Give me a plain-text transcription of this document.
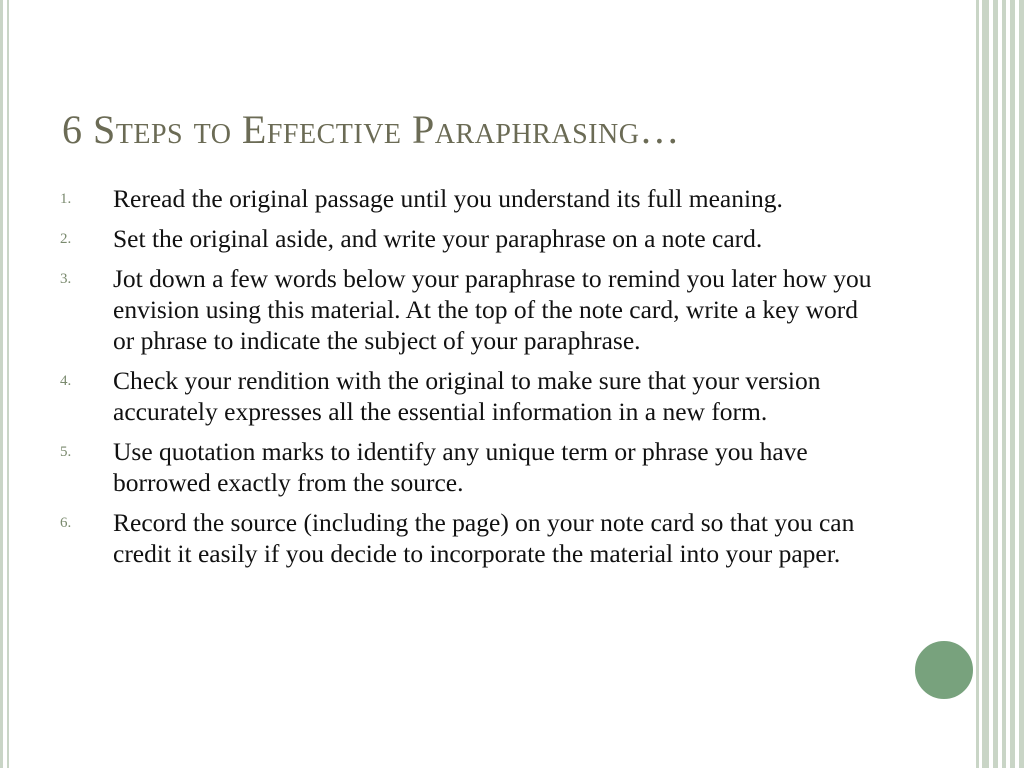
6 Steps to Effective Paraphrasing…
1.	Reread the original passage until you understand its full meaning.
2.	Set the original aside, and write your paraphrase on a note card.
3.	Jot down a few words below your paraphrase to remind you later how you envision using this material. At the top of the note card, write a key word or phrase to indicate the subject of your paraphrase.
4.	Check your rendition with the original to make sure that your version accurately expresses all the essential information in a new form.
5.	Use quotation marks to identify any unique term or phrase you have borrowed exactly from the source.
6.	Record the source (including the page) on your note card so that you can credit it easily if you decide to incorporate the material into your paper.
